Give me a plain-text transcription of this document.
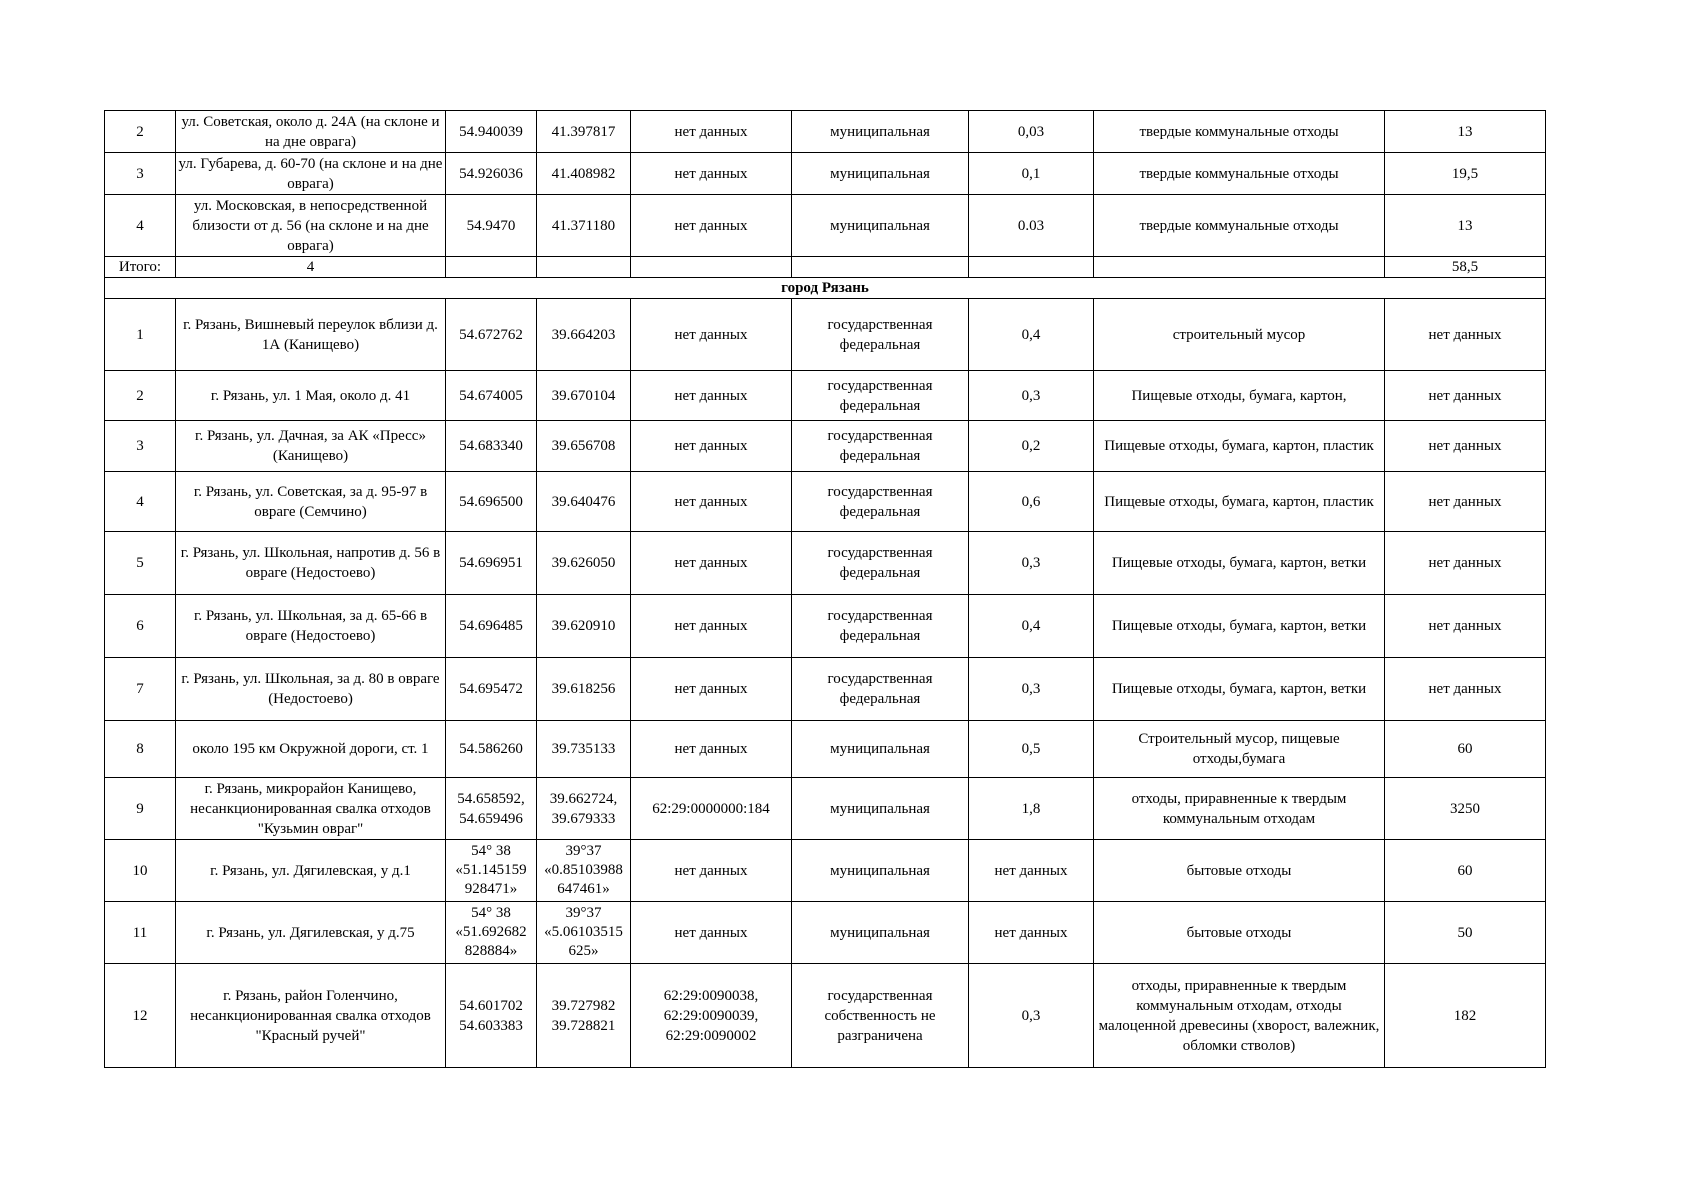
2	ул. Советская, около д. 24А (на склоне и на дне оврага)	54.940039	41.397817	нет данных	муниципальная	0,03	твердые коммунальные отходы	13
3	ул. Губарева, д. 60-70 (на склоне и на дне оврага)	54.926036	41.408982	нет данных	муниципальная	0,1	твердые коммунальные отходы	19,5
4	ул. Московская, в непосредственной близости от д. 56 (на склоне и на дне оврага)	54.9470	41.371180	нет данных	муниципальная	0.03	твердые коммунальные отходы	13
Итого:	4							58,5
город Рязань								
1	г. Рязань, Вишневый переулок вблизи д. 1А (Канищево)	54.672762	39.664203	нет данных	государственная федеральная	0,4	строительный мусор	нет данных
2	г. Рязань, ул. 1 Мая, около д. 41	54.674005	39.670104	нет данных	государственная федеральная	0,3	Пищевые отходы, бумага, картон,	нет данных
3	г. Рязань, ул. Дачная, за АК «Пресс» (Канищево)	54.683340	39.656708	нет данных	государственная федеральная	0,2	Пищевые отходы, бумага, картон, пластик	нет данных
4	г. Рязань, ул. Советская, за д. 95-97 в овраге (Семчино)	54.696500	39.640476	нет данных	государственная федеральная	0,6	Пищевые отходы, бумага, картон, пластик	нет данных
5	г. Рязань, ул. Школьная, напротив д. 56 в овраге (Недостоево)	54.696951	39.626050	нет данных	государственная федеральная	0,3	Пищевые отходы, бумага, картон, ветки	нет данных
6	г. Рязань, ул. Школьная, за д. 65-66 в овраге (Недостоево)	54.696485	39.620910	нет данных	государственная федеральная	0,4	Пищевые отходы, бумага, картон, ветки	нет данных
7	г. Рязань, ул. Школьная, за д. 80 в овраге (Недостоево)	54.695472	39.618256	нет данных	государственная федеральная	0,3	Пищевые отходы, бумага, картон, ветки	нет данных
8	около 195 км Окружной дороги, ст. 1	54.586260	39.735133	нет данных	муниципальная	0,5	Строительный мусор, пищевые отходы,бумага	60
9	г. Рязань, микрорайон Канищево, несанкционированная свалка отходов "Кузьмин овраг"	54.658592, 54.659496	39.662724, 39.679333	62:29:0000000:184	муниципальная	1,8	отходы, приравненные к твердым коммунальным отходам	3250
10	г. Рязань, ул. Дягилевская, у д.1	54° 38 «51.145159 928471»	39°37 «0.85103988 647461»	нет данных	муниципальная	нет данных	бытовые отходы	60
11	г. Рязань, ул. Дягилевская, у д.75	54° 38 «51.692682 828884»	39°37 «5.06103515 625»	нет данных	муниципальная	нет данных	бытовые отходы	50
12	г. Рязань, район Голенчино, несанкционированная свалка отходов "Красный ручей"	54.601702 54.603383	39.727982 39.728821	62:29:0090038, 62:29:0090039, 62:29:0090002	государственная собственность не разграничена	0,3	отходы, приравненные к твердым коммунальным отходам, отходы малоценной древесины (хворост, валежник, обломки стволов)	182
